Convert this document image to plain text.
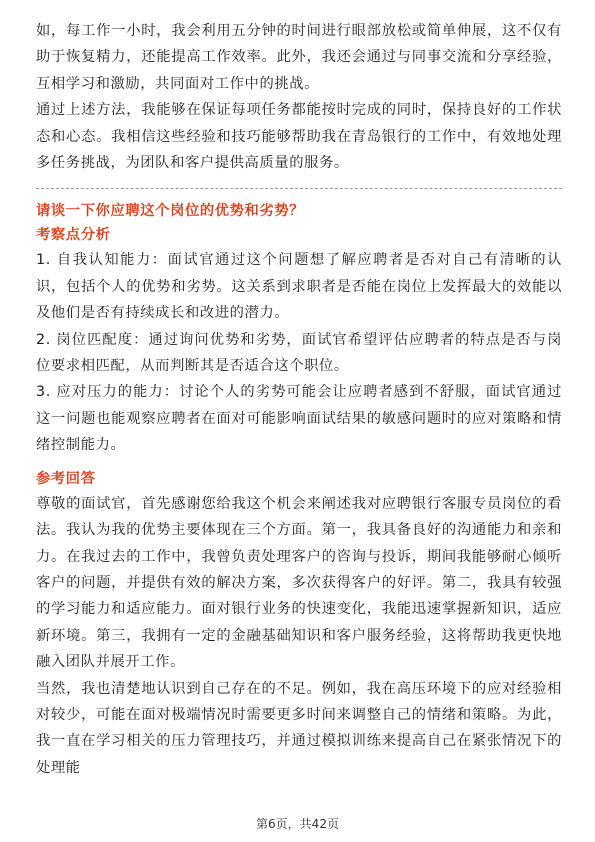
如，每工作一小时，我会利用五分钟的时间进行眼部放松或简单伸展，这不仅有助于恢复精力，还能提高工作效率。此外，我还会通过与同事交流和分享经验，互相学习和激励，共同面对工作中的挑战。

通过上述方法，我能够在保证每项任务都能按时完成的同时，保持良好的工作状态和心态。我相信这些经验和技巧能够帮助我在青岛银行的工作中，有效地处理多任务挑战，为团队和客户提供高质量的服务。

请谈一下你应聘这个岗位的优势和劣势？

考察点分析

1. 自我认知能力：面试官通过这个问题想了解应聘者是否对自己有清晰的认识，包括个人的优势和劣势。这关系到求职者是否能在岗位上发挥最大的效能以及他们是否有持续成长和改进的潜力。

2. 岗位匹配度：通过询问优势和劣势，面试官希望评估应聘者的特点是否与岗位要求相匹配，从而判断其是否适合这个职位。

3. 应对压力的能力：讨论个人的劣势可能会让应聘者感到不舒服，面试官通过这一问题也能观察应聘者在面对可能影响面试结果的敏感问题时的应对策略和情绪控制能力。

参考回答

尊敬的面试官，首先感谢您给我这个机会来阐述我对应聘银行客服专员岗位的看法。我认为我的优势主要体现在三个方面。第一，我具备良好的沟通能力和亲和力。在我过去的工作中，我曾负责处理客户的咨询与投诉，期间我能够耐心倾听客户的问题，并提供有效的解决方案，多次获得客户的好评。第二，我具有较强的学习能力和适应能力。面对银行业务的快速变化，我能迅速掌握新知识，适应新环境。第三，我拥有一定的金融基础知识和客户服务经验，这将帮助我更快地融入团队并展开工作。

当然，我也清楚地认识到自己存在的不足。例如，我在高压环境下的应对经验相对较少，可能在面对极端情况时需要更多时间来调整自己的情绪和策略。为此，我一直在学习相关的压力管理技巧，并通过模拟训练来提高自己在紧张情况下的处理能

第6页，共42页
